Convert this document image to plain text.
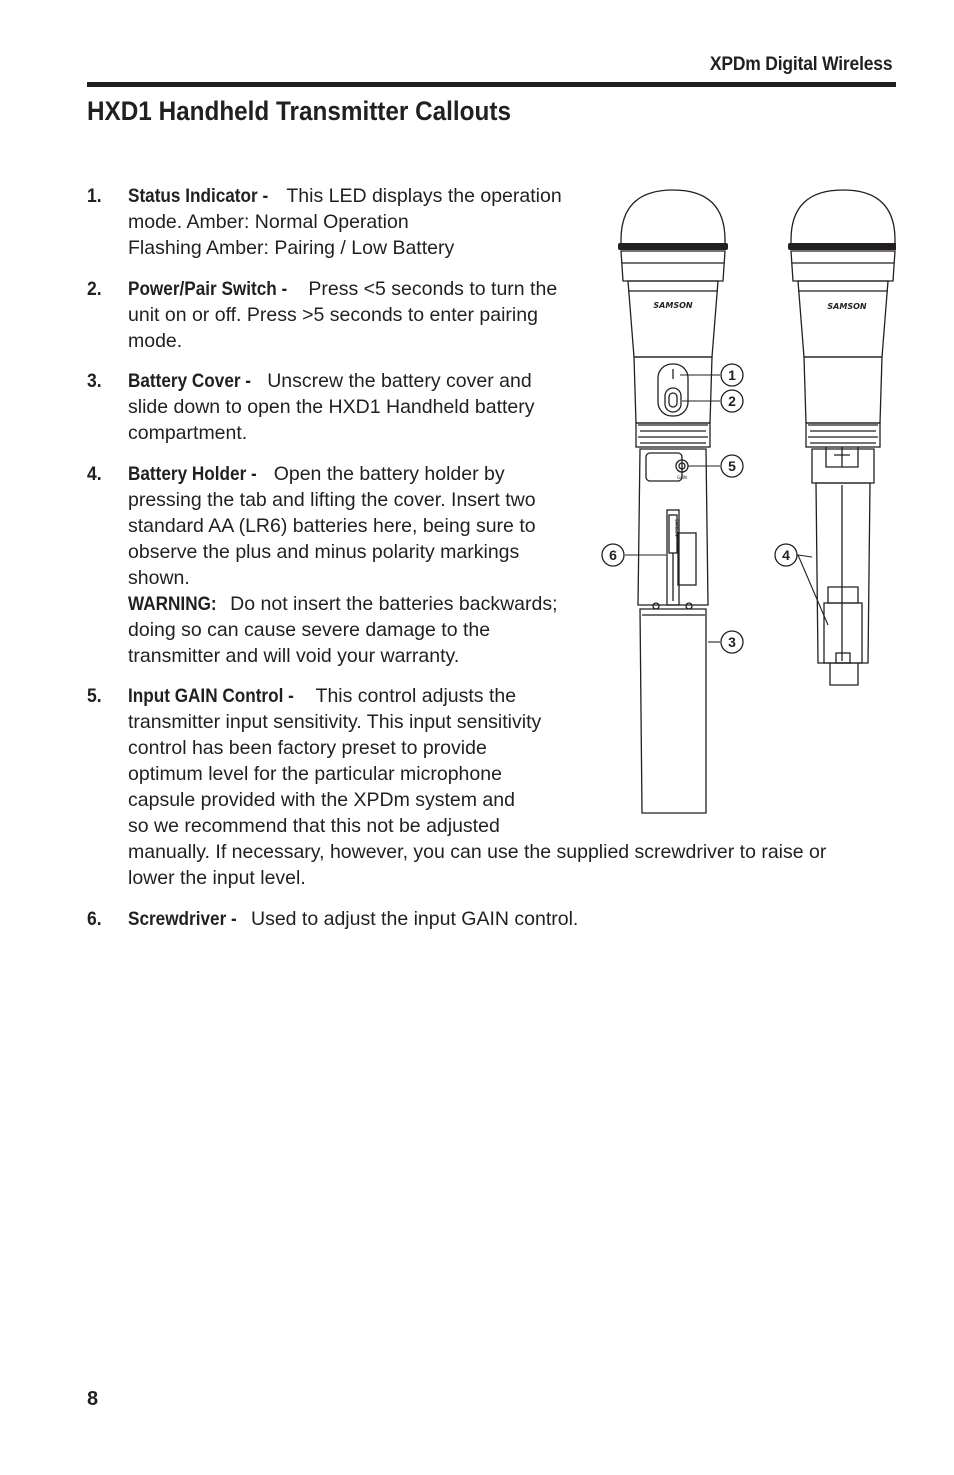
XPDm Digital Wireless
HXD1 Handheld Transmitter Callouts
1. Status Indicator - This LED displays the operation
mode. Amber: Normal Operation
Flashing Amber: Pairing / Low Battery
2. Power/Pair Switch - Press <5 seconds to turn the
unit on or off. Press >5 seconds to enter pairing
mode.
3. Battery Cover - Unscrew the battery cover and
slide down to open the HXD1 Handheld battery
compartment.
4. Battery Holder - Open the battery holder by
pressing the tab and lifting the cover. Insert two
standard AA (LR6) batteries here, being sure to
observe the plus and minus polarity markings
shown.
WARNING: Do not insert the batteries backwards;
doing so can cause severe damage to the
transmitter and will void your warranty.
5. Input GAIN Control - This control adjusts the
transmitter input sensitivity. This input sensitivity
control has been factory preset to provide
optimum level for the particular microphone
capsule provided with the XPDm system and
so we recommend that this not be adjusted
manually. If necessary, however, you can use the supplied screwdriver to raise or
lower the input level.
6. Screwdriver - Used to adjust the input GAIN control.
SAMSON	SAMSON
GAIN
SAMSON
1
2
5
6	4
3
8
